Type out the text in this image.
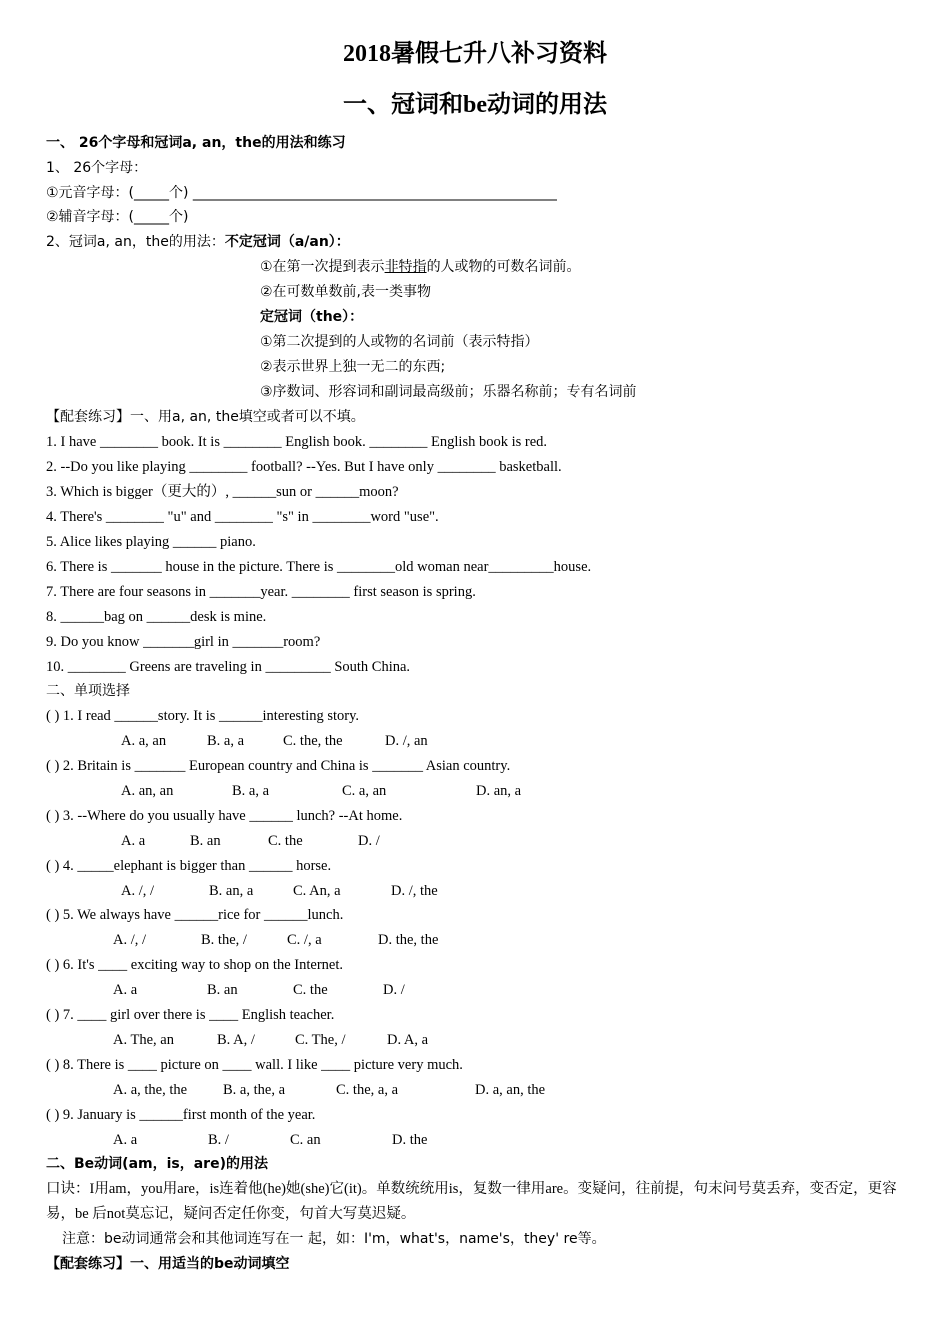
2018暑假七升八补习资料
一、冠词和be动词的用法
一、 26个字母和冠词a, an，the的用法和练习
1、 26个字母：
①元音字母：(_____个) ____________________________________________________
②辅音字母：(_____个)
2、冠词a, an，the的用法：不定冠词（a/an）：
①在第一次提到表示非特指的人或物的可数名词前。
②在可数单数前,表一类事物
定冠词（the）：
①第二次提到的人或物的名词前（表示特指）
②表示世界上独一无二的东西;
③序数词、形容词和副词最高级前；乐器名称前；专有名词前
【配套练习】一、用a, an, the填空或者可以不填。
1. I have ________ book. It is ________ English book. ________ English book is red.
2. --Do you like playing ________ football? --Yes. But I have only ________ basketball.
3. Which is bigger（更大的）, ______sun or ______moon?
4. There's ________ "u" and ________ "s" in ________word "use".
5. Alice likes playing ______ piano.
6. There is _______ house in the picture. There is ________old woman near_________house.
7. There are four seasons in _______year. ________ first season is spring.
8. ______bag on ______desk is mine.
9. Do you know _______girl in _______room?
10. ________ Greens are traveling in _________ South China.
二、单项选择
( ) 1. I read ______story. It is ______interesting story.
A. a, an	B. a, a	C. the, the	D. /, an
( ) 2. Britain is _______ European country and China is _______ Asian country.
A. an, an	B. a, a	C. a, an	D. an, a
( ) 3. --Where do you usually have ______ lunch? --At home.
A. a	B. an	C. the	D. /
( ) 4. _____elephant is bigger than ______ horse.
A. /, /	B. an, a	C. An, a	D. /, the
( ) 5. We always have ______rice for ______lunch.
A. /, /	B. the, /	C. /, a	D. the, the
( ) 6. It's ____ exciting way to shop on the Internet.
A. a	B. an	C. the	D. /
( ) 7. ____ girl over there is ____ English teacher.
A. The, an	B. A, /	C. The, /	D. A, a
( ) 8. There is ____ picture on ____ wall. I like ____ picture very much.
A. a, the, the B. a, the, a	C. the, a, a	D. a, an, the
( ) 9. January is ______first month of the year.
A. a	B. /	C. an	D. the
二、Be动词(am，is，are)的用法
口诀：I用am，you用are，is连着他(he)她(she)它(it)。单数统统用is，复数一律用are。变疑问，往前提，句末问号莫丢弃，变否定，更容易，be 后not莫忘记，疑问否定任你变，句首大写莫迟疑。
注意：be动词通常会和其他词连写在一 起，如：I'm，what's，name's，they' re等。
【配套练习】一、用适当的be动词填空
